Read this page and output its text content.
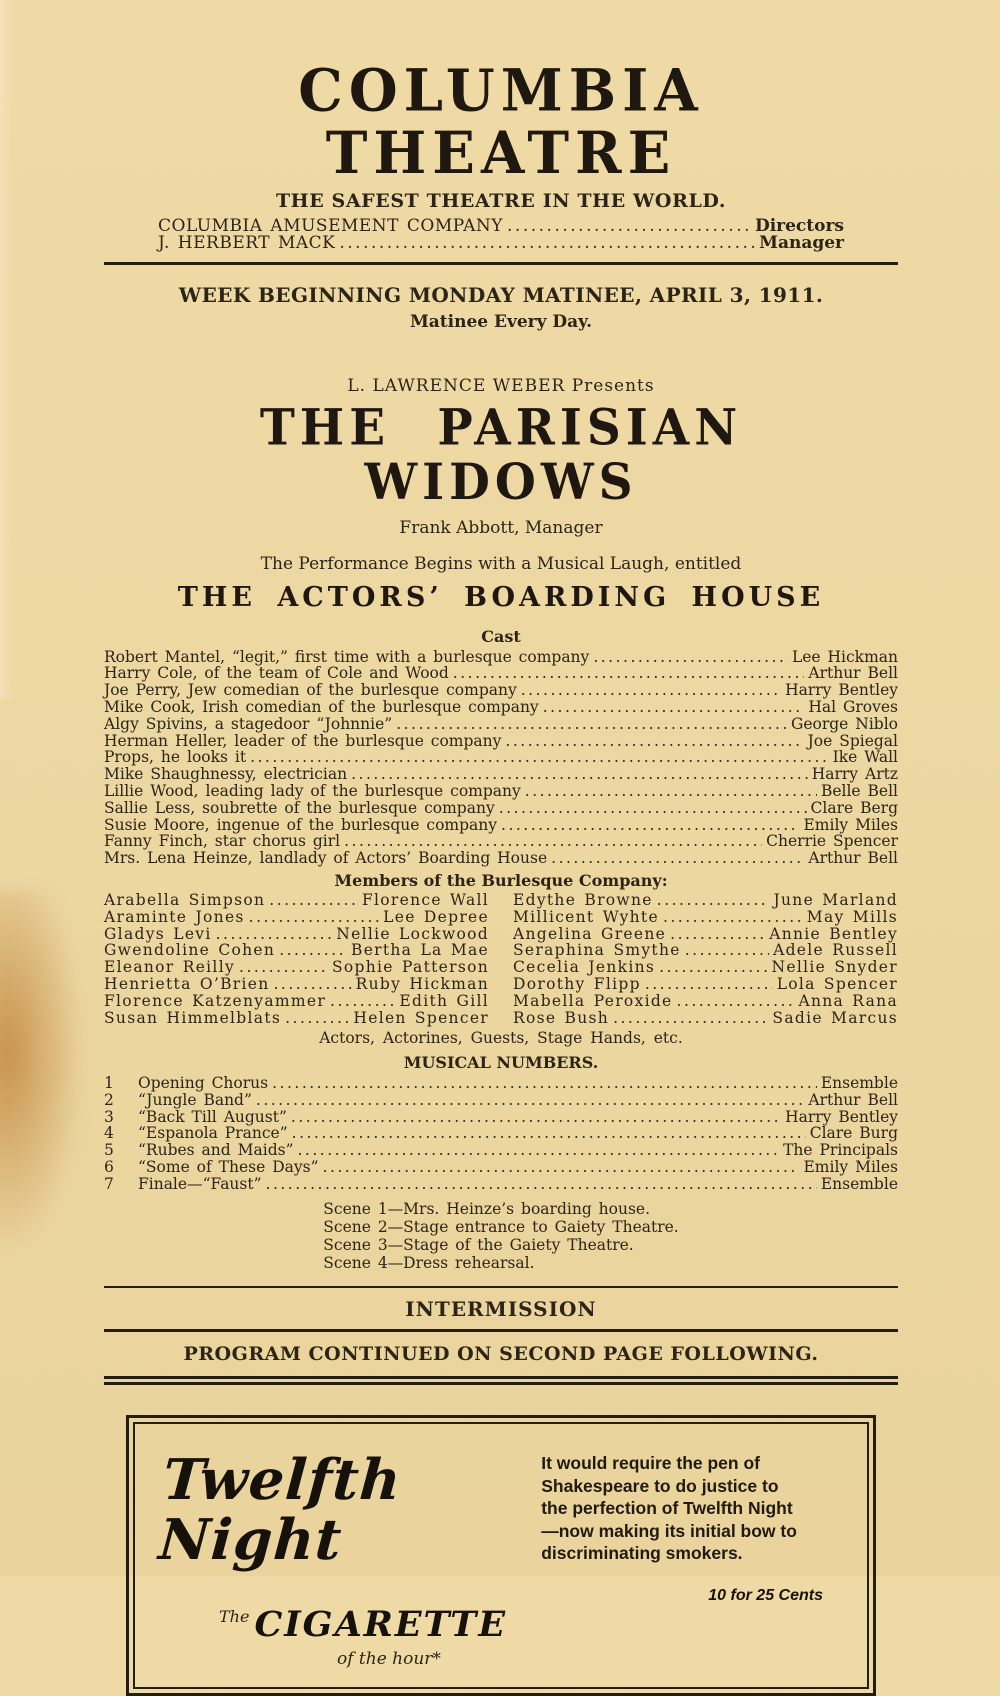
COLUMBIA THEATRE
THE SAFEST THEATRE IN THE WORLD.
COLUMBIA AMUSEMENT COMPANY .....	Directors
J. HERBERT MACK .....	Manager
WEEK BEGINNING MONDAY MATINEE, APRIL 3, 1911.
Matinee Every Day.
L. LAWRENCE WEBER Presents
THE PARISIAN WIDOWS
Frank Abbott, Manager
The Performance Begins with a Musical Laugh, entitled
THE ACTORS’ BOARDING HOUSE
Cast
Robert Mantel, “legit,” first time with a burlesque company .....	Lee Hickman
Harry Cole, of the team of Cole and Wood .....	Arthur Bell
Joe Perry, Jew comedian of the burlesque company .....	Harry Bentley
Mike Cook, Irish comedian of the burlesque company .....	Hal Groves
Algy Spivins, a stagedoor “Johnnie” .....	George Niblo
Herman Heller, leader of the burlesque company .....	Joe Spiegal
Props, he looks it .....	Ike Wall
Mike Shaughnessy, electrician .....	Harry Artz
Lillie Wood, leading lady of the burlesque company .....	Belle Bell
Sallie Less, soubrette of the burlesque company .....	Clare Berg
Susie Moore, ingenue of the burlesque company .....	Emily Miles
Fanny Finch, star chorus girl .....	Cherrie Spencer
Mrs. Lena Heinze, landlady of Actors’ Boarding House .....	Arthur Bell
Members of the Burlesque Company:
Arabella Simpson .....	Florence Wall
Araminte Jones .....	Lee Depree
Gladys Levi .....	Nellie Lockwood
Gwendoline Cohen .....	Bertha La Mae
Eleanor Reilly .....	Sophie Patterson
Henrietta O’Brien .....	Ruby Hickman
Florence Katzenyammer .....	Edith Gill
Susan Himmelblats .....	Helen Spencer
Edythe Browne .....	June Marland
Millicent Wyhte .....	May Mills
Angelina Greene .....	Annie Bentley
Seraphina Smythe .....	Adele Russell
Cecelia Jenkins .....	Nellie Snyder
Dorothy Flipp .....	Lola Spencer
Mabella Peroxide .....	Anna Rana
Rose Bush .....	Sadie Marcus
Actors, Actorines, Guests, Stage Hands, etc.
MUSICAL NUMBERS.
1	Opening Chorus .....	Ensemble
2	“Jungle Band” .....	Arthur Bell
3	“Back Till August” .....	Harry Bentley
4	“Espanola Prance” .....	Clare Burg
5	“Rubes and Maids” .....	The Principals
6	“Some of These Days” .....	Emily Miles
7	Finale—“Faust” .....	Ensemble
Scene 1—Mrs. Heinze’s boarding house.
Scene 2—Stage entrance to Gaiety Theatre.
Scene 3—Stage of the Gaiety Theatre.
Scene 4—Dress rehearsal.
INTERMISSION
PROGRAM CONTINUED ON SECOND PAGE FOLLOWING.
Twelfth Night
The CIGARETTE
of the hour*
It would require the pen of Shakespeare to do justice to the perfection of Twelfth Night—now making its initial bow to discriminating smokers.
10 for 25 Cents
